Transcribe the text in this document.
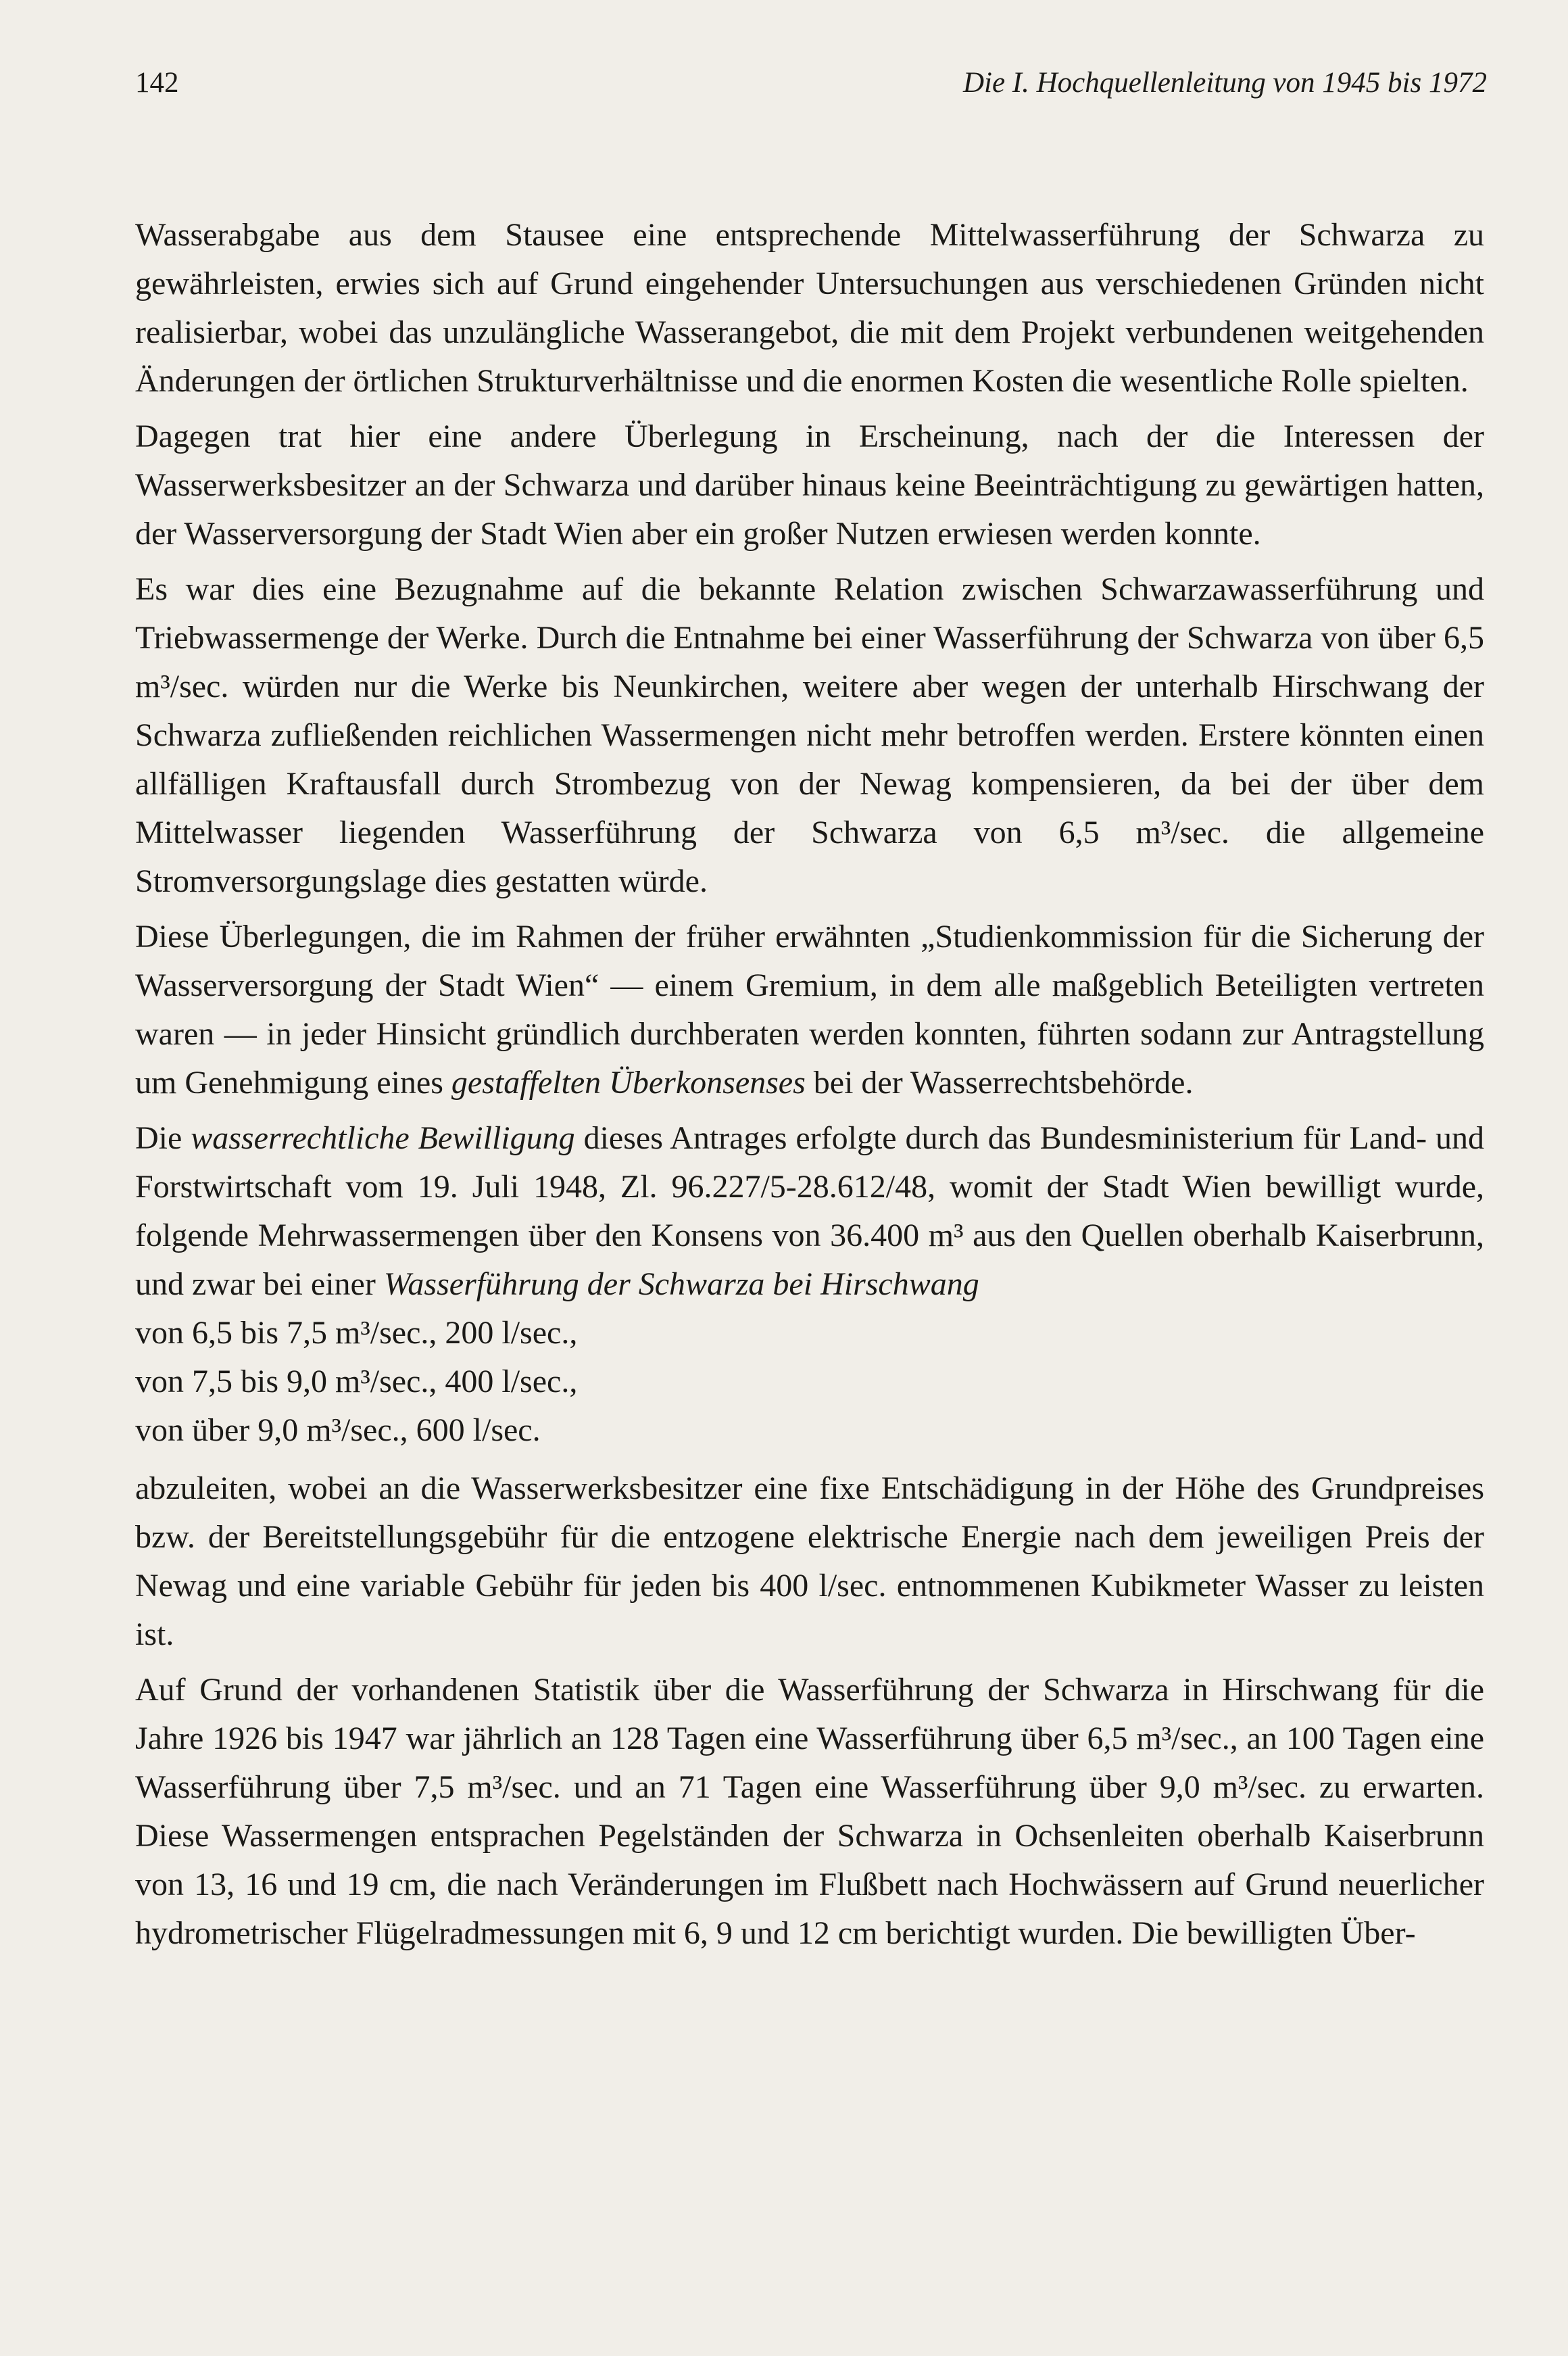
142	Die I. Hochquellenleitung von 1945 bis 1972

Wasserabgabe aus dem Stausee eine entsprechende Mittelwasserführung der Schwarza zu gewährleisten, erwies sich auf Grund eingehender Untersuchungen aus verschiedenen Gründen nicht realisierbar, wobei das unzulängliche Wasserangebot, die mit dem Projekt verbundenen weitgehenden Änderungen der örtlichen Strukturverhältnisse und die enormen Kosten die wesentliche Rolle spielten.

Dagegen trat hier eine andere Überlegung in Erscheinung, nach der die Interessen der Wasserwerksbesitzer an der Schwarza und darüber hinaus keine Beeinträchtigung zu gewärtigen hatten, der Wasserversorgung der Stadt Wien aber ein großer Nutzen erwiesen werden konnte.

Es war dies eine Bezugnahme auf die bekannte Relation zwischen Schwarzawasserführung und Triebwassermenge der Werke. Durch die Entnahme bei einer Wasserführung der Schwarza von über 6,5 m³/sec. würden nur die Werke bis Neunkirchen, weitere aber wegen der unterhalb Hirschwang der Schwarza zufließenden reichlichen Wassermengen nicht mehr betroffen werden. Erstere könnten einen allfälligen Kraftausfall durch Strombezug von der Newag kompensieren, da bei der über dem Mittelwasser liegenden Wasserführung der Schwarza von 6,5 m³/sec. die allgemeine Stromversorgungslage dies gestatten würde.

Diese Überlegungen, die im Rahmen der früher erwähnten „Studienkommission für die Sicherung der Wasserversorgung der Stadt Wien“ — einem Gremium, in dem alle maßgeblich Beteiligten vertreten waren — in jeder Hinsicht gründlich durchberaten werden konnten, führten sodann zur Antragstellung um Genehmigung eines gestaffelten Überkonsenses bei der Wasserrechtsbehörde.

Die wasserrechtliche Bewilligung dieses Antrages erfolgte durch das Bundesministerium für Land- und Forstwirtschaft vom 19. Juli 1948, Zl. 96.227/5-28.612/48, womit der Stadt Wien bewilligt wurde, folgende Mehrwassermengen über den Konsens von 36.400 m³ aus den Quellen oberhalb Kaiserbrunn, und zwar bei einer Wasserführung der Schwarza bei Hirschwang

von 6,5 bis 7,5 m³/sec., 200 l/sec.,
von 7,5 bis 9,0 m³/sec., 400 l/sec.,
von über 9,0 m³/sec., 600 l/sec.

abzuleiten, wobei an die Wasserwerksbesitzer eine fixe Entschädigung in der Höhe des Grundpreises bzw. der Bereitstellungsgebühr für die entzogene elektrische Energie nach dem jeweiligen Preis der Newag und eine variable Gebühr für jeden bis 400 l/sec. entnommenen Kubikmeter Wasser zu leisten ist.

Auf Grund der vorhandenen Statistik über die Wasserführung der Schwarza in Hirschwang für die Jahre 1926 bis 1947 war jährlich an 128 Tagen eine Wasserführung über 6,5 m³/sec., an 100 Tagen eine Wasserführung über 7,5 m³/sec. und an 71 Tagen eine Wasserführung über 9,0 m³/sec. zu erwarten. Diese Wassermengen entsprachen Pegelständen der Schwarza in Ochsenleiten oberhalb Kaiserbrunn von 13, 16 und 19 cm, die nach Veränderungen im Flußbett nach Hochwässern auf Grund neuerlicher hydrometrischer Flügelradmessungen mit 6, 9 und 12 cm berichtigt wurden. Die bewilligten Über-
